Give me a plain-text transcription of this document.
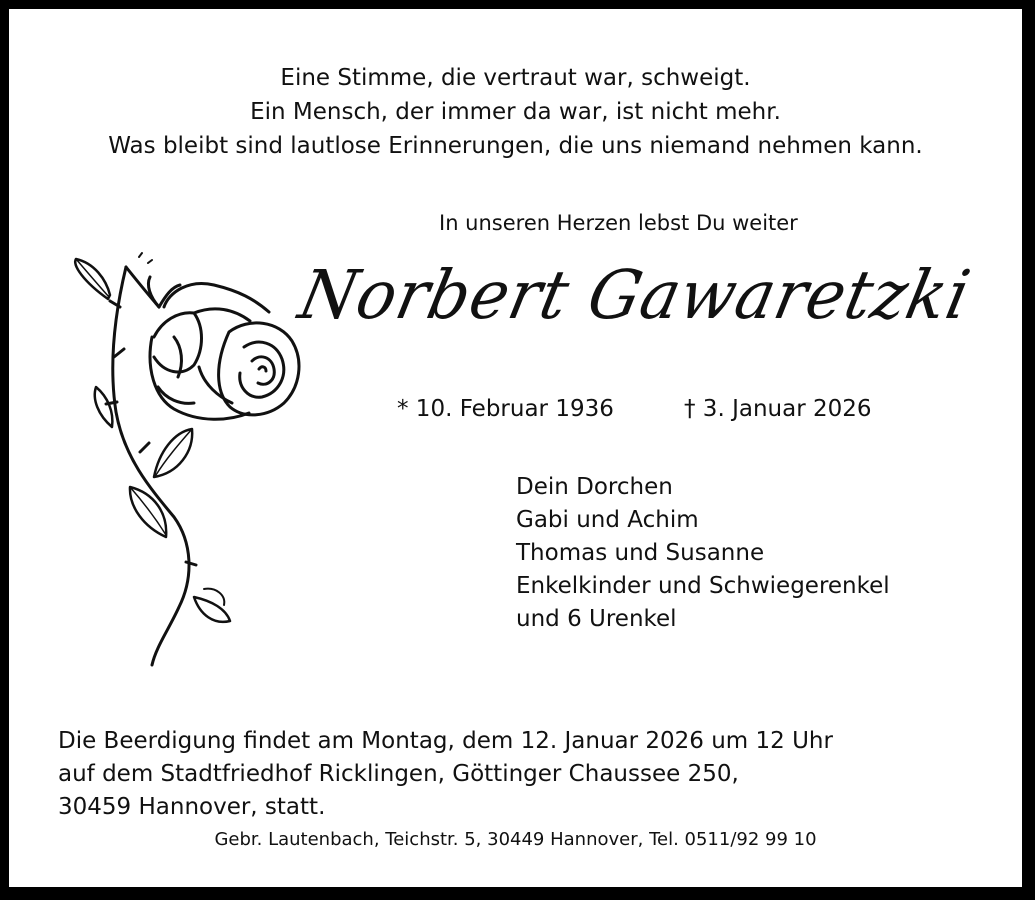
Eine Stimme, die vertraut war, schweigt.
Ein Mensch, der immer da war, ist nicht mehr.
Was bleibt sind lautlose Erinnerungen, die uns niemand nehmen kann.
In unseren Herzen lebst Du weiter
Norbert Gawaretzki
* 10. Februar 1936	† 3. Januar 2026
Dein Dorchen
Gabi und Achim
Thomas und Susanne
Enkelkinder und Schwiegerenkel
und 6 Urenkel
Die Beerdigung findet am Montag, dem 12. Januar 2026 um 12 Uhr
auf dem Stadtfriedhof Ricklingen, Göttinger Chaussee 250,
30459 Hannover, statt.
Gebr. Lautenbach, Teichstr. 5, 30449 Hannover, Tel. 0511/92 99 10
